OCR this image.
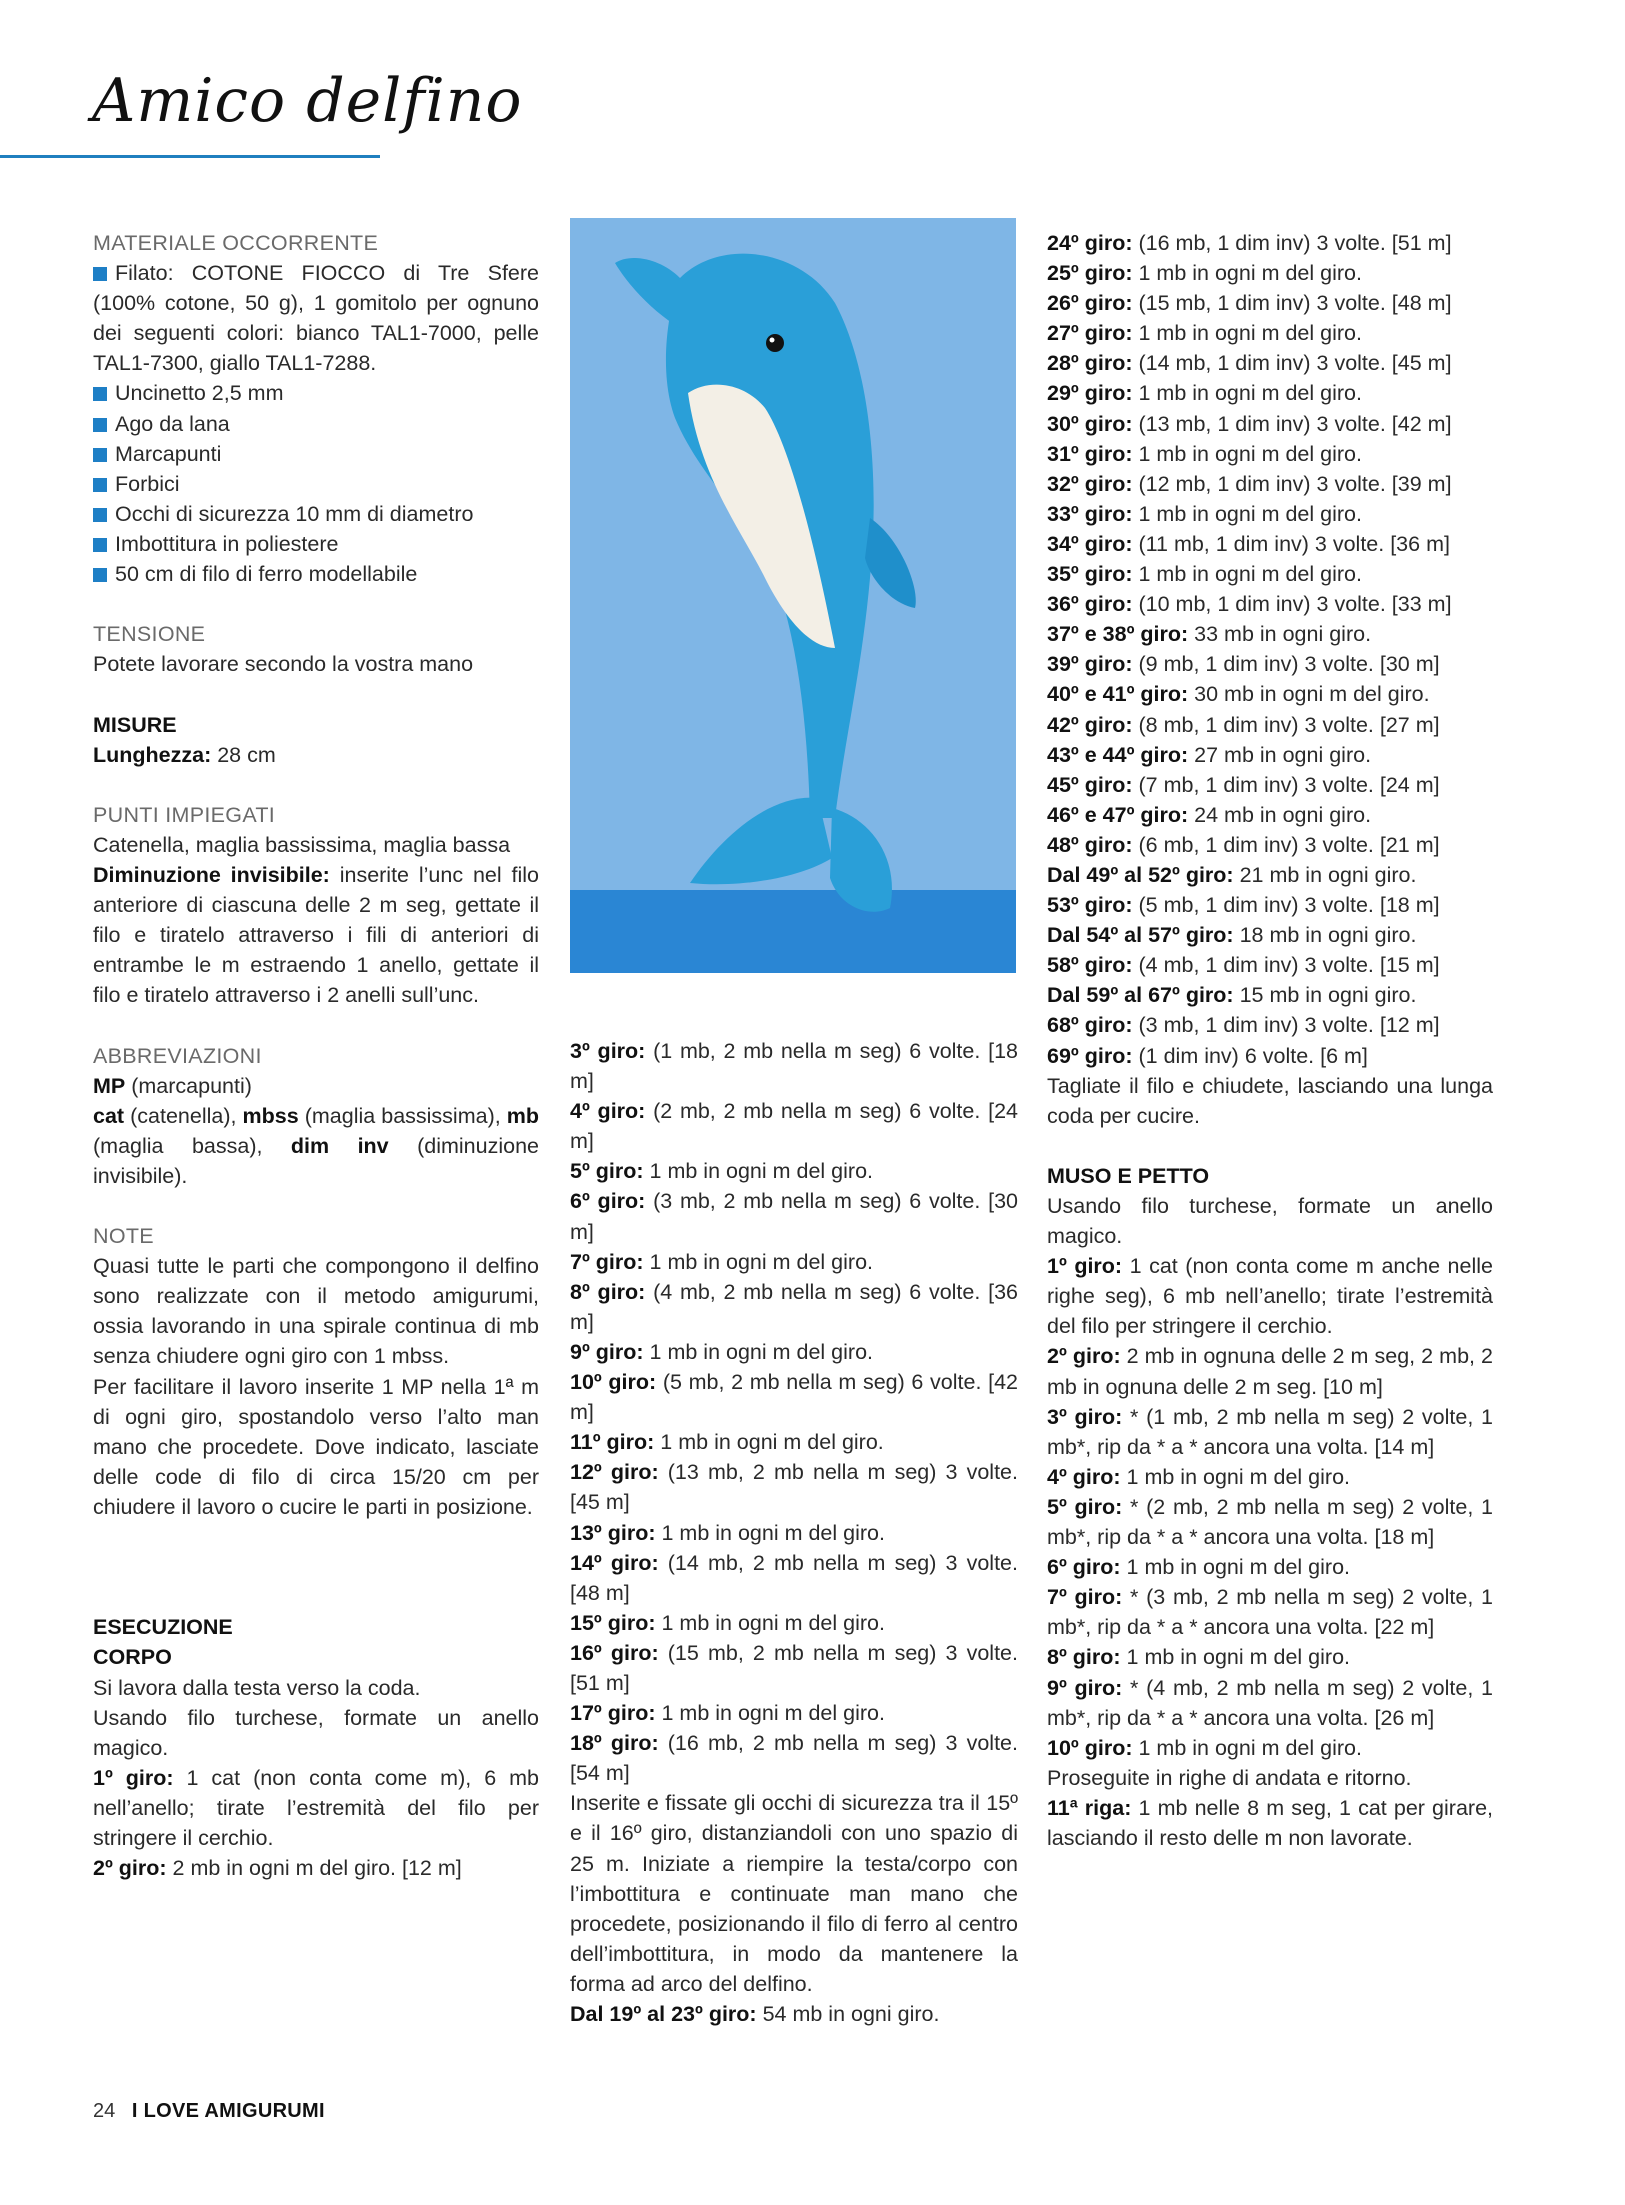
Amico delfino

MATERIALE OCCORRENTE

Filato: COTONE FIOCCO di Tre Sfere (100% cotone, 50 g), 1 gomitolo per ognuno dei seguenti colori: bianco TAL1-7000, pelle TAL1-7300, giallo TAL1-7288.

Uncinetto 2,5 mm

Ago da lana

Marcapunti

Forbici

Occhi di sicurezza 10 mm di diametro

Imbottitura in poliestere

50 cm di filo di ferro modellabile

TENSIONE

Potete lavorare secondo la vostra mano

MISURE

Lunghezza: 28 cm

PUNTI IMPIEGATI

Catenella, maglia bassissima, maglia bassa

Diminuzione invisibile: inserite l’unc nel filo anteriore di ciascuna delle 2 m seg, gettate il filo e tiratelo attraverso i fili di anteriori di entrambe le m estraendo 1 anello, gettate il filo e tiratelo attraverso i 2 anelli sull’unc.

ABBREVIAZIONI

MP (marcapunti)

cat (catenella), mbss (maglia bassissima), mb (maglia bassa), dim inv (diminuzione invisibile).

NOTE

Quasi tutte le parti che compongono il delfino sono realizzate con il metodo amigurumi, ossia lavorando in una spirale continua di mb senza chiudere ogni giro con 1 mbss.

Per facilitare il lavoro inserite 1 MP nella 1ª m di ogni giro, spostandolo verso l’alto man mano che procedete. Dove indicato, lasciate delle code di filo di circa 15/20 cm per chiudere il lavoro o cucire le parti in posizione.

ESECUZIONE

CORPO

Si lavora dalla testa verso la coda.

Usando filo turchese, formate un anello magico.

1º giro: 1 cat (non conta come m), 6 mb nell’anello; tirate l’estremità del filo per stringere il cerchio.

2º giro: 2 mb in ogni m del giro. [12 m]

3º giro: (1 mb, 2 mb nella m seg) 6 volte. [18 m]

4º giro: (2 mb, 2 mb nella m seg) 6 volte. [24 m]

5º giro: 1 mb in ogni m del giro.

6º giro: (3 mb, 2 mb nella m seg) 6 volte. [30 m]

7º giro: 1 mb in ogni m del giro.

8º giro: (4 mb, 2 mb nella m seg) 6 volte. [36 m]

9º giro: 1 mb in ogni m del giro.

10º giro: (5 mb, 2 mb nella m seg) 6 volte. [42 m]

11º giro: 1 mb in ogni m del giro.

12º giro: (13 mb, 2 mb nella m seg) 3 volte. [45 m]

13º giro: 1 mb in ogni m del giro.

14º giro: (14 mb, 2 mb nella m seg) 3 volte. [48 m]

15º giro: 1 mb in ogni m del giro.

16º giro: (15 mb, 2 mb nella m seg) 3 volte. [51 m]

17º giro: 1 mb in ogni m del giro.

18º giro: (16 mb, 2 mb nella m seg) 3 volte. [54 m]

Inserite e fissate gli occhi di sicurezza tra il 15º e il 16º giro, distanziandoli con uno spazio di 25 m. Iniziate a riempire la testa/corpo con l’imbottitura e continuate man mano che procedete, posizionando il filo di ferro al centro dell’imbottitura, in modo da mantenere la forma ad arco del delfino.

Dal 19º al 23º giro: 54 mb in ogni giro.

24º giro: (16 mb, 1 dim inv) 3 volte. [51 m]

25º giro: 1 mb in ogni m del giro.

26º giro: (15 mb, 1 dim inv) 3 volte. [48 m]

27º giro: 1 mb in ogni m del giro.

28º giro: (14 mb, 1 dim inv) 3 volte. [45 m]

29º giro: 1 mb in ogni m del giro.

30º giro: (13 mb, 1 dim inv) 3 volte. [42 m]

31º giro: 1 mb in ogni m del giro.

32º giro: (12 mb, 1 dim inv) 3 volte. [39 m]

33º giro: 1 mb in ogni m del giro.

34º giro: (11 mb, 1 dim inv) 3 volte. [36 m]

35º giro: 1 mb in ogni m del giro.

36º giro: (10 mb, 1 dim inv) 3 volte. [33 m]

37º e 38º giro: 33 mb in ogni giro.

39º giro: (9 mb, 1 dim inv) 3 volte. [30 m]

40º e 41º giro: 30 mb in ogni m del giro.

42º giro: (8 mb, 1 dim inv) 3 volte. [27 m]

43º e 44º giro: 27 mb in ogni giro.

45º giro: (7 mb, 1 dim inv) 3 volte. [24 m]

46º e 47º giro: 24 mb in ogni giro.

48º giro: (6 mb, 1 dim inv) 3 volte. [21 m]

Dal 49º al 52º giro: 21 mb in ogni giro.

53º giro: (5 mb, 1 dim inv) 3 volte. [18 m]

Dal 54º al 57º giro: 18 mb in ogni giro.

58º giro: (4 mb, 1 dim inv) 3 volte. [15 m]

Dal 59º al 67º giro: 15 mb in ogni giro.

68º giro: (3 mb, 1 dim inv) 3 volte. [12 m]

69º giro: (1 dim inv) 6 volte. [6 m]

Tagliate il filo e chiudete, lasciando una lunga coda per cucire.

MUSO E PETTO

Usando filo turchese, formate un anello magico.

1º giro: 1 cat (non conta come m anche nelle righe seg), 6 mb nell’anello; tirate l’estremità del filo per stringere il cerchio.

2º giro: 2 mb in ognuna delle 2 m seg, 2 mb, 2 mb in ognuna delle 2 m seg. [10 m]

3º giro: * (1 mb, 2 mb nella m seg) 2 volte, 1 mb*, rip da * a * ancora una volta. [14 m]

4º giro: 1 mb in ogni m del giro.

5º giro: * (2 mb, 2 mb nella m seg) 2 volte, 1 mb*, rip da * a * ancora una volta. [18 m]

6º giro: 1 mb in ogni m del giro.

7º giro: * (3 mb, 2 mb nella m seg) 2 volte, 1 mb*, rip da * a * ancora una volta. [22 m]

8º giro: 1 mb in ogni m del giro.

9º giro: * (4 mb, 2 mb nella m seg) 2 volte, 1 mb*, rip da * a * ancora una volta. [26 m]

10º giro: 1 mb in ogni m del giro.

Proseguite in righe di andata e ritorno.

11ª riga: 1 mb nelle 8 m seg, 1 cat per girare, lasciando il resto delle m non lavorate.

24 I LOVE AMIGURUMI
